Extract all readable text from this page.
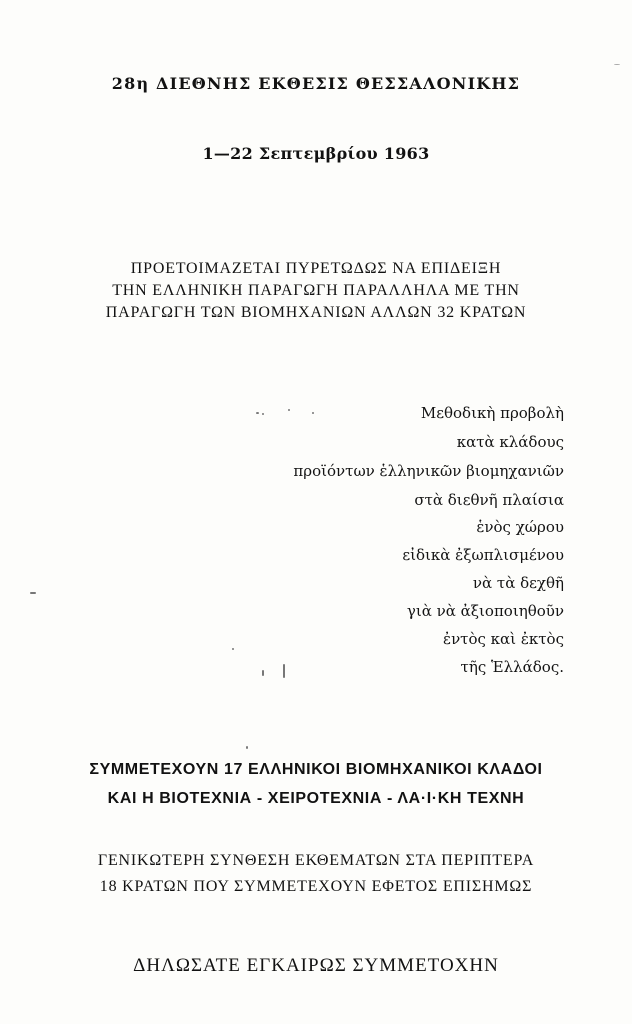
28η ΔΙΕΘΝΗΣ ΕΚΘΕΣΙΣ ΘΕΣΣΑΛΟΝΙΚΗΣ
1—22 Σεπτεμβρίου 1963
ΠΡΟΕΤΟΙΜΑΖΕΤΑΙ ΠΥΡΕΤΩΔΩΣ ΝΑ ΕΠΙΔΕΙΞΗ
ΤΗΝ ΕΛΛΗΝΙΚΗ ΠΑΡΑΓΩΓΗ ΠΑΡΑΛΛΗΛΑ ΜΕ ΤΗΝ
ΠΑΡΑΓΩΓΗ ΤΩΝ ΒΙΟΜΗΧΑΝΙΩΝ ΑΛΛΩΝ 32 ΚΡΑΤΩΝ
Μεθοδικὴ προβολὴ
κατὰ κλάδους
προϊόντων ἑλληνικῶν βιομηχανιῶν
στὰ διεθνῆ πλαίσια
ἑνὸς χώρου
εἰδικὰ ἐξωπλισμένου
νὰ τὰ δεχθῆ
γιὰ νὰ ἀξιοποιηθοῦν
ἐντὸς καὶ ἐκτὸς
τῆς Ἑλλάδος.
ΣΥΜΜΕΤΕΧΟΥΝ 17 ΕΛΛΗΝΙΚΟΙ ΒΙΟΜΗΧΑΝΙΚΟΙ ΚΛΑΔΟΙ
ΚΑΙ Η ΒΙΟΤΕΧΝΙΑ - ΧΕΙΡΟΤΕΧΝΙΑ - ΛΑ·Ι·ΚΗ ΤΕΧΝΗ
ΓΕΝΙΚΩΤΕΡΗ ΣΥΝΘΕΣΗ ΕΚΘΕΜΑΤΩΝ ΣΤΑ ΠΕΡΙΠΤΕΡΑ
18 ΚΡΑΤΩΝ ΠΟΥ ΣΥΜΜΕΤΕΧΟΥΝ ΕΦΕΤΟΣ ΕΠΙΣΗΜΩΣ
ΔΗΛΩΣΑΤΕ ΕΓΚΑΙΡΩΣ ΣΥΜΜΕΤΟΧΗΝ
